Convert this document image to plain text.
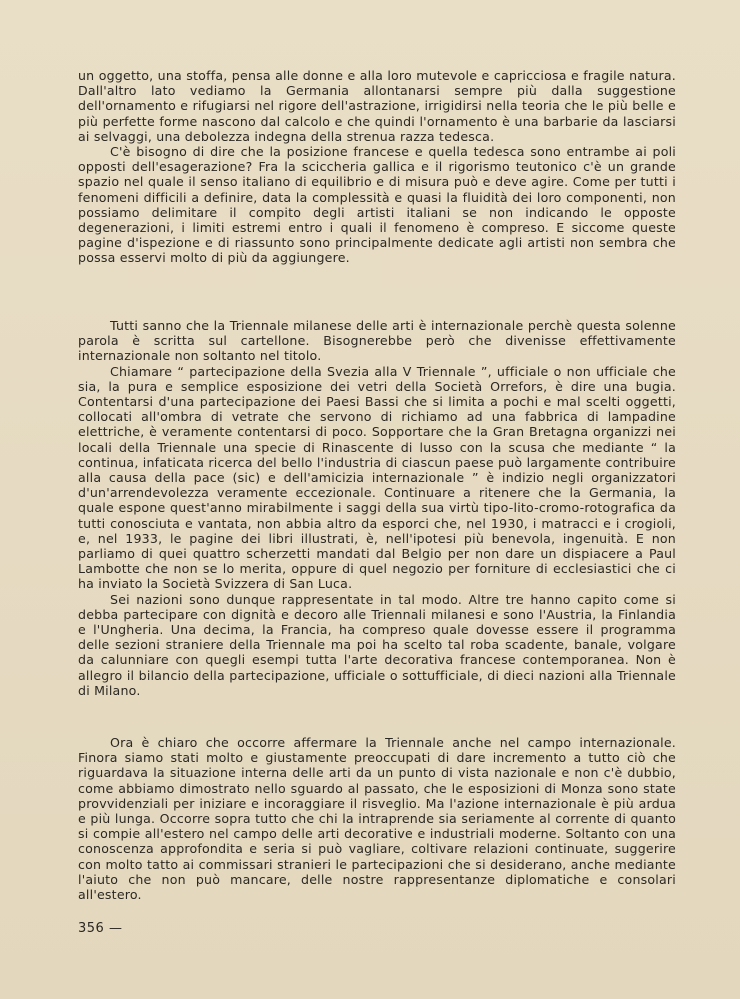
un oggetto, una stoffa, pensa alle donne e alla loro mutevole e capricciosa e fragile natura. Dall'altro lato vediamo la Germania allontanarsi sempre più dalla suggestione dell'ornamento e rifugiarsi nel rigore dell'astrazione, irrigidirsi nella teoria che le più belle e più perfette forme nascono dal calcolo e che quindi l'ornamento è una barbarie da lasciarsi ai selvaggi, una debolezza indegna della strenua razza tedesca.

C'è bisogno di dire che la posizione francese e quella tedesca sono entrambe ai poli opposti dell'esagerazione? Fra la sciccheria gallica e il rigorismo teutonico c'è un grande spazio nel quale il senso italiano di equilibrio e di misura può e deve agire. Come per tutti i fenomeni difficili a definire, data la complessità e quasi la fluidità dei loro componenti, non possiamo delimitare il compito degli artisti italiani se non indicando le opposte degenerazioni, i limiti estremi entro i quali il fenomeno è compreso. E siccome queste pagine d'ispezione e di riassunto sono principalmente dedicate agli artisti non sembra che possa esservi molto di più da aggiungere.

Tutti sanno che la Triennale milanese delle arti è internazionale perchè questa solenne parola è scritta sul cartellone. Bisognerebbe però che divenisse effettivamente internazionale non soltanto nel titolo.

Chiamare “ partecipazione della Svezia alla V Triennale ”, ufficiale o non ufficiale che sia, la pura e semplice esposizione dei vetri della Società Orrefors, è dire una bugia. Contentarsi d'una partecipazione dei Paesi Bassi che si limita a pochi e mal scelti oggetti, collocati all'ombra di vetrate che servono di richiamo ad una fabbrica di lampadine elettriche, è veramente contentarsi di poco. Sopportare che la Gran Bretagna organizzi nei locali della Triennale una specie di Rinascente di lusso con la scusa che mediante “ la continua, infaticata ricerca del bello l'industria di ciascun paese può largamente contribuire alla causa della pace (sic) e dell'amicizia internazionale ” è indizio negli organizzatori d'un'arrendevolezza veramente eccezionale. Continuare a ritenere che la Germania, la quale espone quest'anno mirabilmente i saggi della sua virtù tipo-lito-cromo-rotografica da tutti conosciuta e vantata, non abbia altro da esporci che, nel 1930, i matracci e i crogioli, e, nel 1933, le pagine dei libri illustrati, è, nell'ipotesi più benevola, ingenuità. E non parliamo di quei quattro scherzetti mandati dal Belgio per non dare un dispiacere a Paul Lambotte che non se lo merita, oppure di quel negozio per forniture di ecclesiastici che ci ha inviato la Società Svizzera di San Luca.

Sei nazioni sono dunque rappresentate in tal modo. Altre tre hanno capito come si debba partecipare con dignità e decoro alle Triennali milanesi e sono l'Austria, la Finlandia e l'Ungheria. Una decima, la Francia, ha compreso quale dovesse essere il programma delle sezioni straniere della Triennale ma poi ha scelto tal roba scadente, banale, volgare da calunniare con quegli esempi tutta l'arte decorativa francese contemporanea. Non è allegro il bilancio della partecipazione, ufficiale o sottufficiale, di dieci nazioni alla Triennale di Milano.

Ora è chiaro che occorre affermare la Triennale anche nel campo internazionale. Finora siamo stati molto e giustamente preoccupati di dare incremento a tutto ciò che riguardava la situazione interna delle arti da un punto di vista nazionale e non c'è dubbio, come abbiamo dimostrato nello sguardo al passato, che le esposizioni di Monza sono state provvidenziali per iniziare e incoraggiare il risveglio. Ma l'azione internazionale è più ardua e più lunga. Occorre sopra tutto che chi la intraprende sia seriamente al corrente di quanto si compie all'estero nel campo delle arti decorative e industriali moderne. Soltanto con una conoscenza approfondita e seria si può vagliare, coltivare relazioni continuate, suggerire con molto tatto ai commissari stranieri le partecipazioni che si desiderano, anche mediante l'aiuto che non può mancare, delle nostre rappresentanze diplomatiche e consolari all'estero.

356 —
